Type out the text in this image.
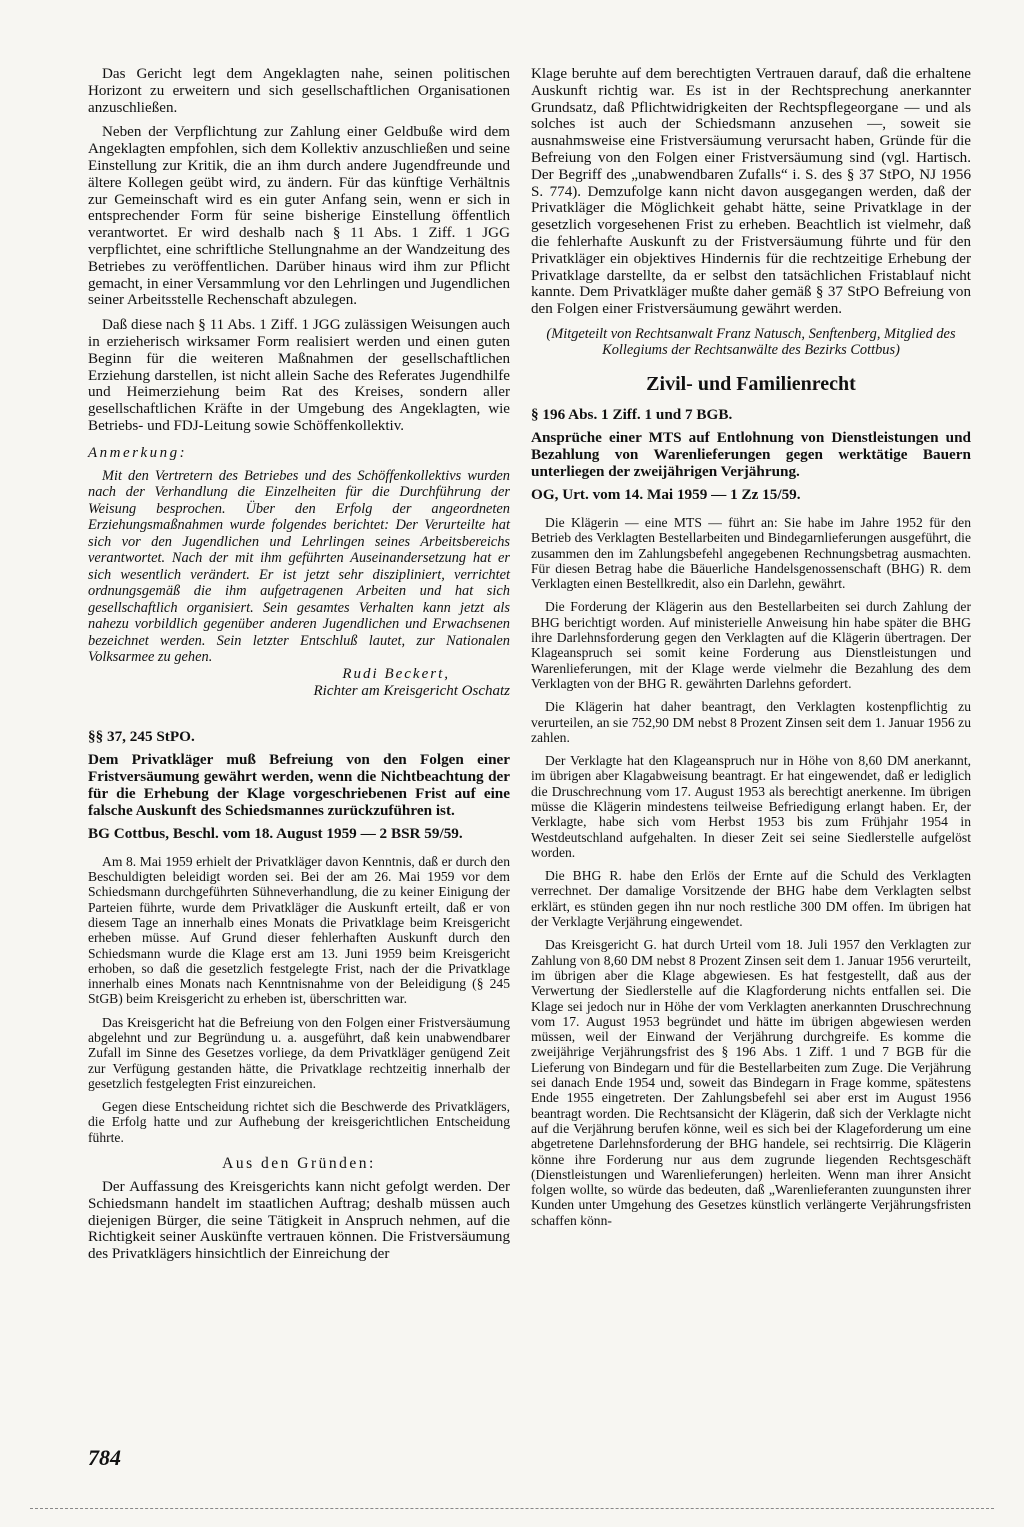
Das Gericht legt dem Angeklagten nahe, seinen politischen Horizont zu erweitern und sich gesellschaftlichen Organisationen anzuschließen.

Neben der Verpflichtung zur Zahlung einer Geldbuße wird dem Angeklagten empfohlen, sich dem Kollektiv anzuschließen und seine Einstellung zur Kritik, die an ihm durch andere Jugendfreunde und ältere Kollegen geübt wird, zu ändern. Für das künftige Verhältnis zur Gemeinschaft wird es ein guter Anfang sein, wenn er sich in entsprechender Form für seine bisherige Einstellung öffentlich verantwortet. Er wird deshalb nach § 11 Abs. 1 Ziff. 1 JGG verpflichtet, eine schriftliche Stellungnahme an der Wandzeitung des Betriebes zu veröffentlichen. Darüber hinaus wird ihm zur Pflicht gemacht, in einer Versammlung vor den Lehrlingen und Jugendlichen seiner Arbeitsstelle Rechenschaft abzulegen.

Daß diese nach § 11 Abs. 1 Ziff. 1 JGG zulässigen Weisungen auch in erzieherisch wirksamer Form realisiert werden und einen guten Beginn für die weiteren Maßnahmen der gesellschaftlichen Erziehung darstellen, ist nicht allein Sache des Referates Jugendhilfe und Heimerziehung beim Rat des Kreises, sondern aller gesellschaftlichen Kräfte in der Umgebung des Angeklagten, wie Betriebs- und FDJ-Leitung sowie Schöffenkollektiv.

Anmerkung:

Mit den Vertretern des Betriebes und des Schöffenkollektivs wurden nach der Verhandlung die Einzelheiten für die Durchführung der Weisung besprochen. Über den Erfolg der angeordneten Erziehungsmaßnahmen wurde folgendes berichtet: Der Verurteilte hat sich vor den Jugendlichen und Lehrlingen seines Arbeitsbereichs verantwortet. Nach der mit ihm geführten Auseinandersetzung hat er sich wesentlich verändert. Er ist jetzt sehr diszipliniert, verrichtet ordnungsgemäß die ihm aufgetragenen Arbeiten und hat sich gesellschaftlich organisiert. Sein gesamtes Verhalten kann jetzt als nahezu vorbildlich gegenüber anderen Jugendlichen und Erwachsenen bezeichnet werden. Sein letzter Entschluß lautet, zur Nationalen Volksarmee zu gehen.

Rudi Beckert,
Richter am Kreisgericht Oschatz
§§ 37, 245 StPO.
Dem Privatkläger muß Befreiung von den Folgen einer Fristversäumung gewährt werden, wenn die Nichtbeachtung der für die Erhebung der Klage vorgeschriebenen Frist auf eine falsche Auskunft des Schiedsmannes zurückzuführen ist.
BG Cottbus, Beschl. vom 18. August 1959 — 2 BSR 59/59.

Am 8. Mai 1959 erhielt der Privatkläger davon Kenntnis, daß er durch den Beschuldigten beleidigt worden sei. Bei der am 26. Mai 1959 vor dem Schiedsmann durchgeführten Sühneverhandlung, die zu keiner Einigung der Parteien führte, wurde dem Privatkläger die Auskunft erteilt, daß er von diesem Tage an innerhalb eines Monats die Privatklage beim Kreisgericht erheben müsse. Auf Grund dieser fehlerhaften Auskunft durch den Schiedsmann wurde die Klage erst am 13. Juni 1959 beim Kreisgericht erhoben, so daß die gesetzlich festgelegte Frist, nach der die Privatklage innerhalb eines Monats nach Kenntnisnahme von der Beleidigung (§ 245 StGB) beim Kreisgericht zu erheben ist, überschritten war.

Das Kreisgericht hat die Befreiung von den Folgen einer Fristversäumung abgelehnt und zur Begründung u. a. ausgeführt, daß kein unabwendbarer Zufall im Sinne des Gesetzes vorliege, da dem Privatkläger genügend Zeit zur Verfügung gestanden hätte, die Privatklage rechtzeitig innerhalb der gesetzlich festgelegten Frist einzureichen.

Gegen diese Entscheidung richtet sich die Beschwerde des Privatklägers, die Erfolg hatte und zur Aufhebung der kreisgerichtlichen Entscheidung führte.

Aus den Gründen:

Der Auffassung des Kreisgerichts kann nicht gefolgt werden. Der Schiedsmann handelt im staatlichen Auftrag; deshalb müssen auch diejenigen Bürger, die seine Tätigkeit in Anspruch nehmen, auf die Richtigkeit seiner Auskünfte vertrauen können. Die Fristversäumung des Privatklägers hinsichtlich der Einreichung der

Klage beruhte auf dem berechtigten Vertrauen darauf, daß die erhaltene Auskunft richtig war. Es ist in der Rechtsprechung anerkannter Grundsatz, daß Pflichtwidrigkeiten der Rechtspflegeorgane — und als solches ist auch der Schiedsmann anzusehen —, soweit sie ausnahmsweise eine Fristversäumung verursacht haben, Gründe für die Befreiung von den Folgen einer Fristversäumung sind (vgl. Hartisch. Der Begriff des „unabwendbaren Zufalls“ i. S. des § 37 StPO, NJ 1956 S. 774). Demzufolge kann nicht davon ausgegangen werden, daß der Privatkläger die Möglichkeit gehabt hätte, seine Privatklage in der gesetzlich vorgesehenen Frist zu erheben. Beachtlich ist vielmehr, daß die fehlerhafte Auskunft zu der Fristversäumung führte und für den Privatkläger ein objektives Hindernis für die rechtzeitige Erhebung der Privatklage darstellte, da er selbst den tatsächlichen Fristablauf nicht kannte. Dem Privatkläger mußte daher gemäß § 37 StPO Befreiung von den Folgen einer Fristversäumung gewährt werden.

(Mitgeteilt von Rechtsanwalt Franz Natusch, Senftenberg, Mitglied des Kollegiums der Rechtsanwälte des Bezirks Cottbus)
Zivil- und Familienrecht
§ 196 Abs. 1 Ziff. 1 und 7 BGB.
Ansprüche einer MTS auf Entlohnung von Dienstleistungen und Bezahlung von Warenlieferungen gegen werktätige Bauern unterliegen der zweijährigen Verjährung.
OG, Urt. vom 14. Mai 1959 — 1 Zz 15/59.

Die Klägerin — eine MTS — führt an: Sie habe im Jahre 1952 für den Betrieb des Verklagten Bestellarbeiten und Bindegarnlieferungen ausgeführt, die zusammen den im Zahlungsbefehl angegebenen Rechnungsbetrag ausmachten. Für diesen Betrag habe die Bäuerliche Handelsgenossenschaft (BHG) R. dem Verklagten einen Bestellkredit, also ein Darlehn, gewährt.

Die Forderung der Klägerin aus den Bestellarbeiten sei durch Zahlung der BHG berichtigt worden. Auf ministerielle Anweisung hin habe später die BHG ihre Darlehnsforderung gegen den Verklagten auf die Klägerin übertragen. Der Klageanspruch sei somit keine Forderung aus Dienstleistungen und Warenlieferungen, mit der Klage werde vielmehr die Bezahlung des dem Verklagten von der BHG R. gewährten Darlehns gefordert.

Die Klägerin hat daher beantragt, den Verklagten kostenpflichtig zu verurteilen, an sie 752,90 DM nebst 8 Prozent Zinsen seit dem 1. Januar 1956 zu zahlen.

Der Verklagte hat den Klageanspruch nur in Höhe von 8,60 DM anerkannt, im übrigen aber Klagabweisung beantragt. Er hat eingewendet, daß er lediglich die Druschrechnung vom 17. August 1953 als berechtigt anerkenne. Im übrigen müsse die Klägerin mindestens teilweise Befriedigung erlangt haben. Er, der Verklagte, habe sich vom Herbst 1953 bis zum Frühjahr 1954 in Westdeutschland aufgehalten. In dieser Zeit sei seine Siedlerstelle aufgelöst worden.

Die BHG R. habe den Erlös der Ernte auf die Schuld des Verklagten verrechnet. Der damalige Vorsitzende der BHG habe dem Verklagten selbst erklärt, es stünden gegen ihn nur noch restliche 300 DM offen. Im übrigen hat der Verklagte Verjährung eingewendet.

Das Kreisgericht G. hat durch Urteil vom 18. Juli 1957 den Verklagten zur Zahlung von 8,60 DM nebst 8 Prozent Zinsen seit dem 1. Januar 1956 verurteilt, im übrigen aber die Klage abgewiesen. Es hat festgestellt, daß aus der Verwertung der Siedlerstelle auf die Klagforderung nichts entfallen sei. Die Klage sei jedoch nur in Höhe der vom Verklagten anerkannten Druschrechnung vom 17. August 1953 begründet und hätte im übrigen abgewiesen werden müssen, weil der Einwand der Verjährung durchgreife. Es komme die zweijährige Verjährungsfrist des § 196 Abs. 1 Ziff. 1 und 7 BGB für die Lieferung von Bindegarn und für die Bestellarbeiten zum Zuge. Die Verjährung sei danach Ende 1954 und, soweit das Bindegarn in Frage komme, spätestens Ende 1955 eingetreten. Der Zahlungsbefehl sei aber erst im August 1956 beantragt worden. Die Rechtsansicht der Klägerin, daß sich der Verklagte nicht auf die Verjährung berufen könne, weil es sich bei der Klageforderung um eine abgetretene Darlehnsforderung der BHG handele, sei rechtsirrig. Die Klägerin könne ihre Forderung nur aus dem zugrunde liegenden Rechtsgeschäft (Dienstleistungen und Warenlieferungen) herleiten. Wenn man ihrer Ansicht folgen wollte, so würde das bedeuten, daß „Warenlieferanten zuungunsten ihrer Kunden unter Umgehung des Gesetzes künstlich verlängerte Verjährungsfristen schaffen könn-

784
